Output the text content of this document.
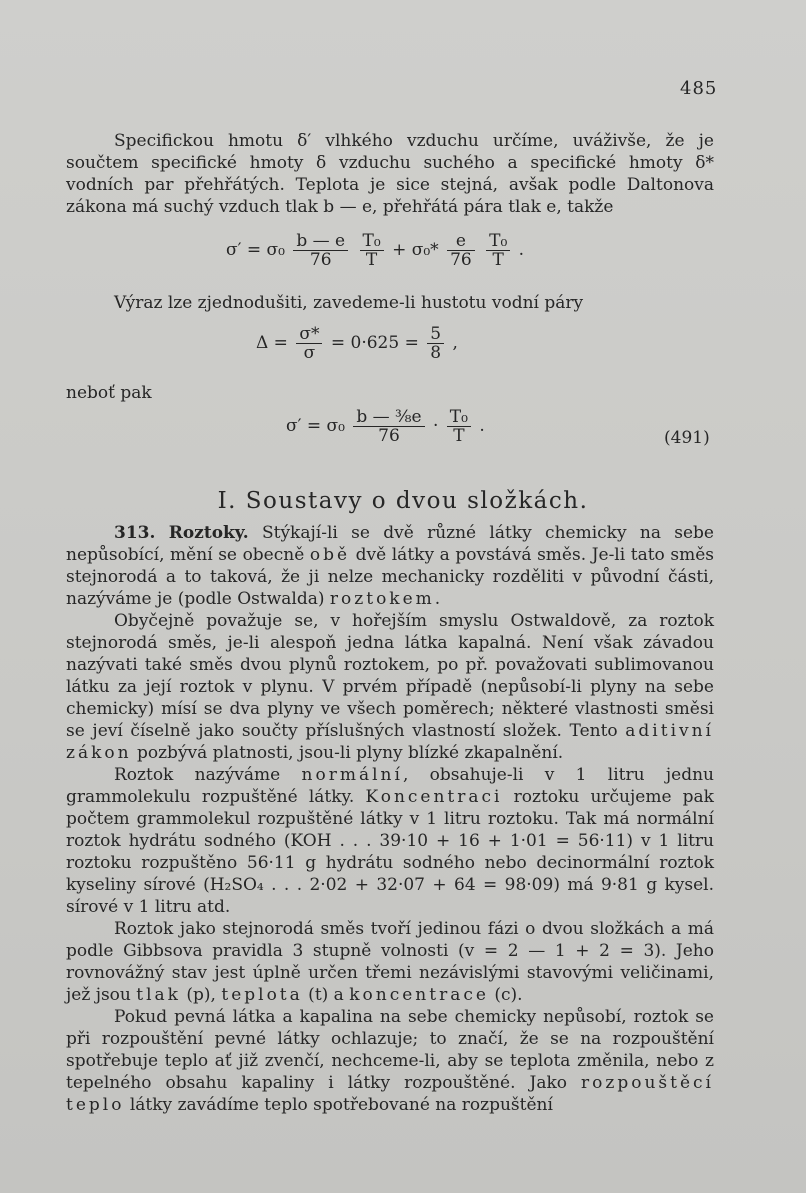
485

Specifickou hmotu δ′ vlhkého vzduchu určíme, uváživše, že je součtem specifické hmoty δ vzduchu suchého a specifické hmoty δ* vodních par přehřátých. Teplota je sice stejná, avšak podle Daltonova zákona má suchý vzduch tlak b — e, přehřátá pára tlak e, takže

$\sigma' = \sigma_0 \frac{b — e}{76}$
$\frac{\text{T₀}}{T} + \sigma_0* \frac{e}{76}$
$\frac{\text{T₀}}{T}$ .

Výraz lze zjednodušiti, zavedeme-li hustotu vodní páry

$\Delta = \frac{\sigma*}{\sigma} = 0\cdot 625 = \frac{5}{8}$ ,

neboť pak

$\sigma' = \sigma_0 \frac{\text{b — ⅜e}}{76} \cdot \frac{\text{T₀}}{T}$ .
(491)
I. Soustavy o dvou složkách.

313. Roztoky. Stýkají-li se dvě různé látky chemicky na sebe nepůsobící, mění se obecně obě dvě látky a povstává směs. Je-li tato směs stejnorodá a to taková, že ji nelze mechanicky rozděliti v původní části, nazýváme je (podle Ostwalda) roztokem.

Obyčejně považuje se, v hořejším smyslu Ostwaldově, za roztok stejnorodá směs, je-li alespoň jedna látka kapalná. Není však závadou nazývati také směs dvou plynů roztokem, po př. považovati sublimovanou látku za její roztok v plynu. V prvém případě (nepůsobí-li plyny na sebe chemicky) mísí se dva plyny ve všech poměrech; některé vlastnosti směsi se jeví číselně jako součty příslušných vlastností složek. Tento aditivní zákon pozbývá platnosti, jsou-li plyny blízké zkapalnění.

Roztok nazýváme normální, obsahuje-li v 1 litru jednu grammolekulu rozpuštěné látky. Koncentraci roztoku určujeme pak počtem grammolekul rozpuštěné látky v 1 litru roztoku. Tak má normální roztok hydrátu sodného (KOH . . . 39·10 + 16 + 1·01 = 56·11) v 1 litru roztoku rozpuštěno 56·11 g hydrátu sodného nebo decinormální roztok kyseliny sírové (H₂SO₄ . . . 2·02 + 32·07 + 64 = 98·09) má 9·81 g kysel. sírové v 1 litru atd.

Roztok jako stejnorodá směs tvoří jedinou fázi o dvou složkách a má podle Gibbsova pravidla 3 stupně volnosti (v = 2 — 1 + 2 = 3). Jeho rovnovážný stav jest úplně určen třemi nezávislými stavovými veličinami, jež jsou tlak (p), teplota (t) a koncentrace (c).

Pokud pevná látka a kapalina na sebe chemicky nepůsobí, roztok se při rozpouštění pevné látky ochlazuje; to značí, že se na rozpouštění spotřebuje teplo ať již zvenčí, nechceme-li, aby se teplota změnila, nebo z tepelného obsahu kapaliny i látky rozpouštěné. Jako rozpouštěcí teplo látky zavádíme teplo spotřebované na rozpuštění
